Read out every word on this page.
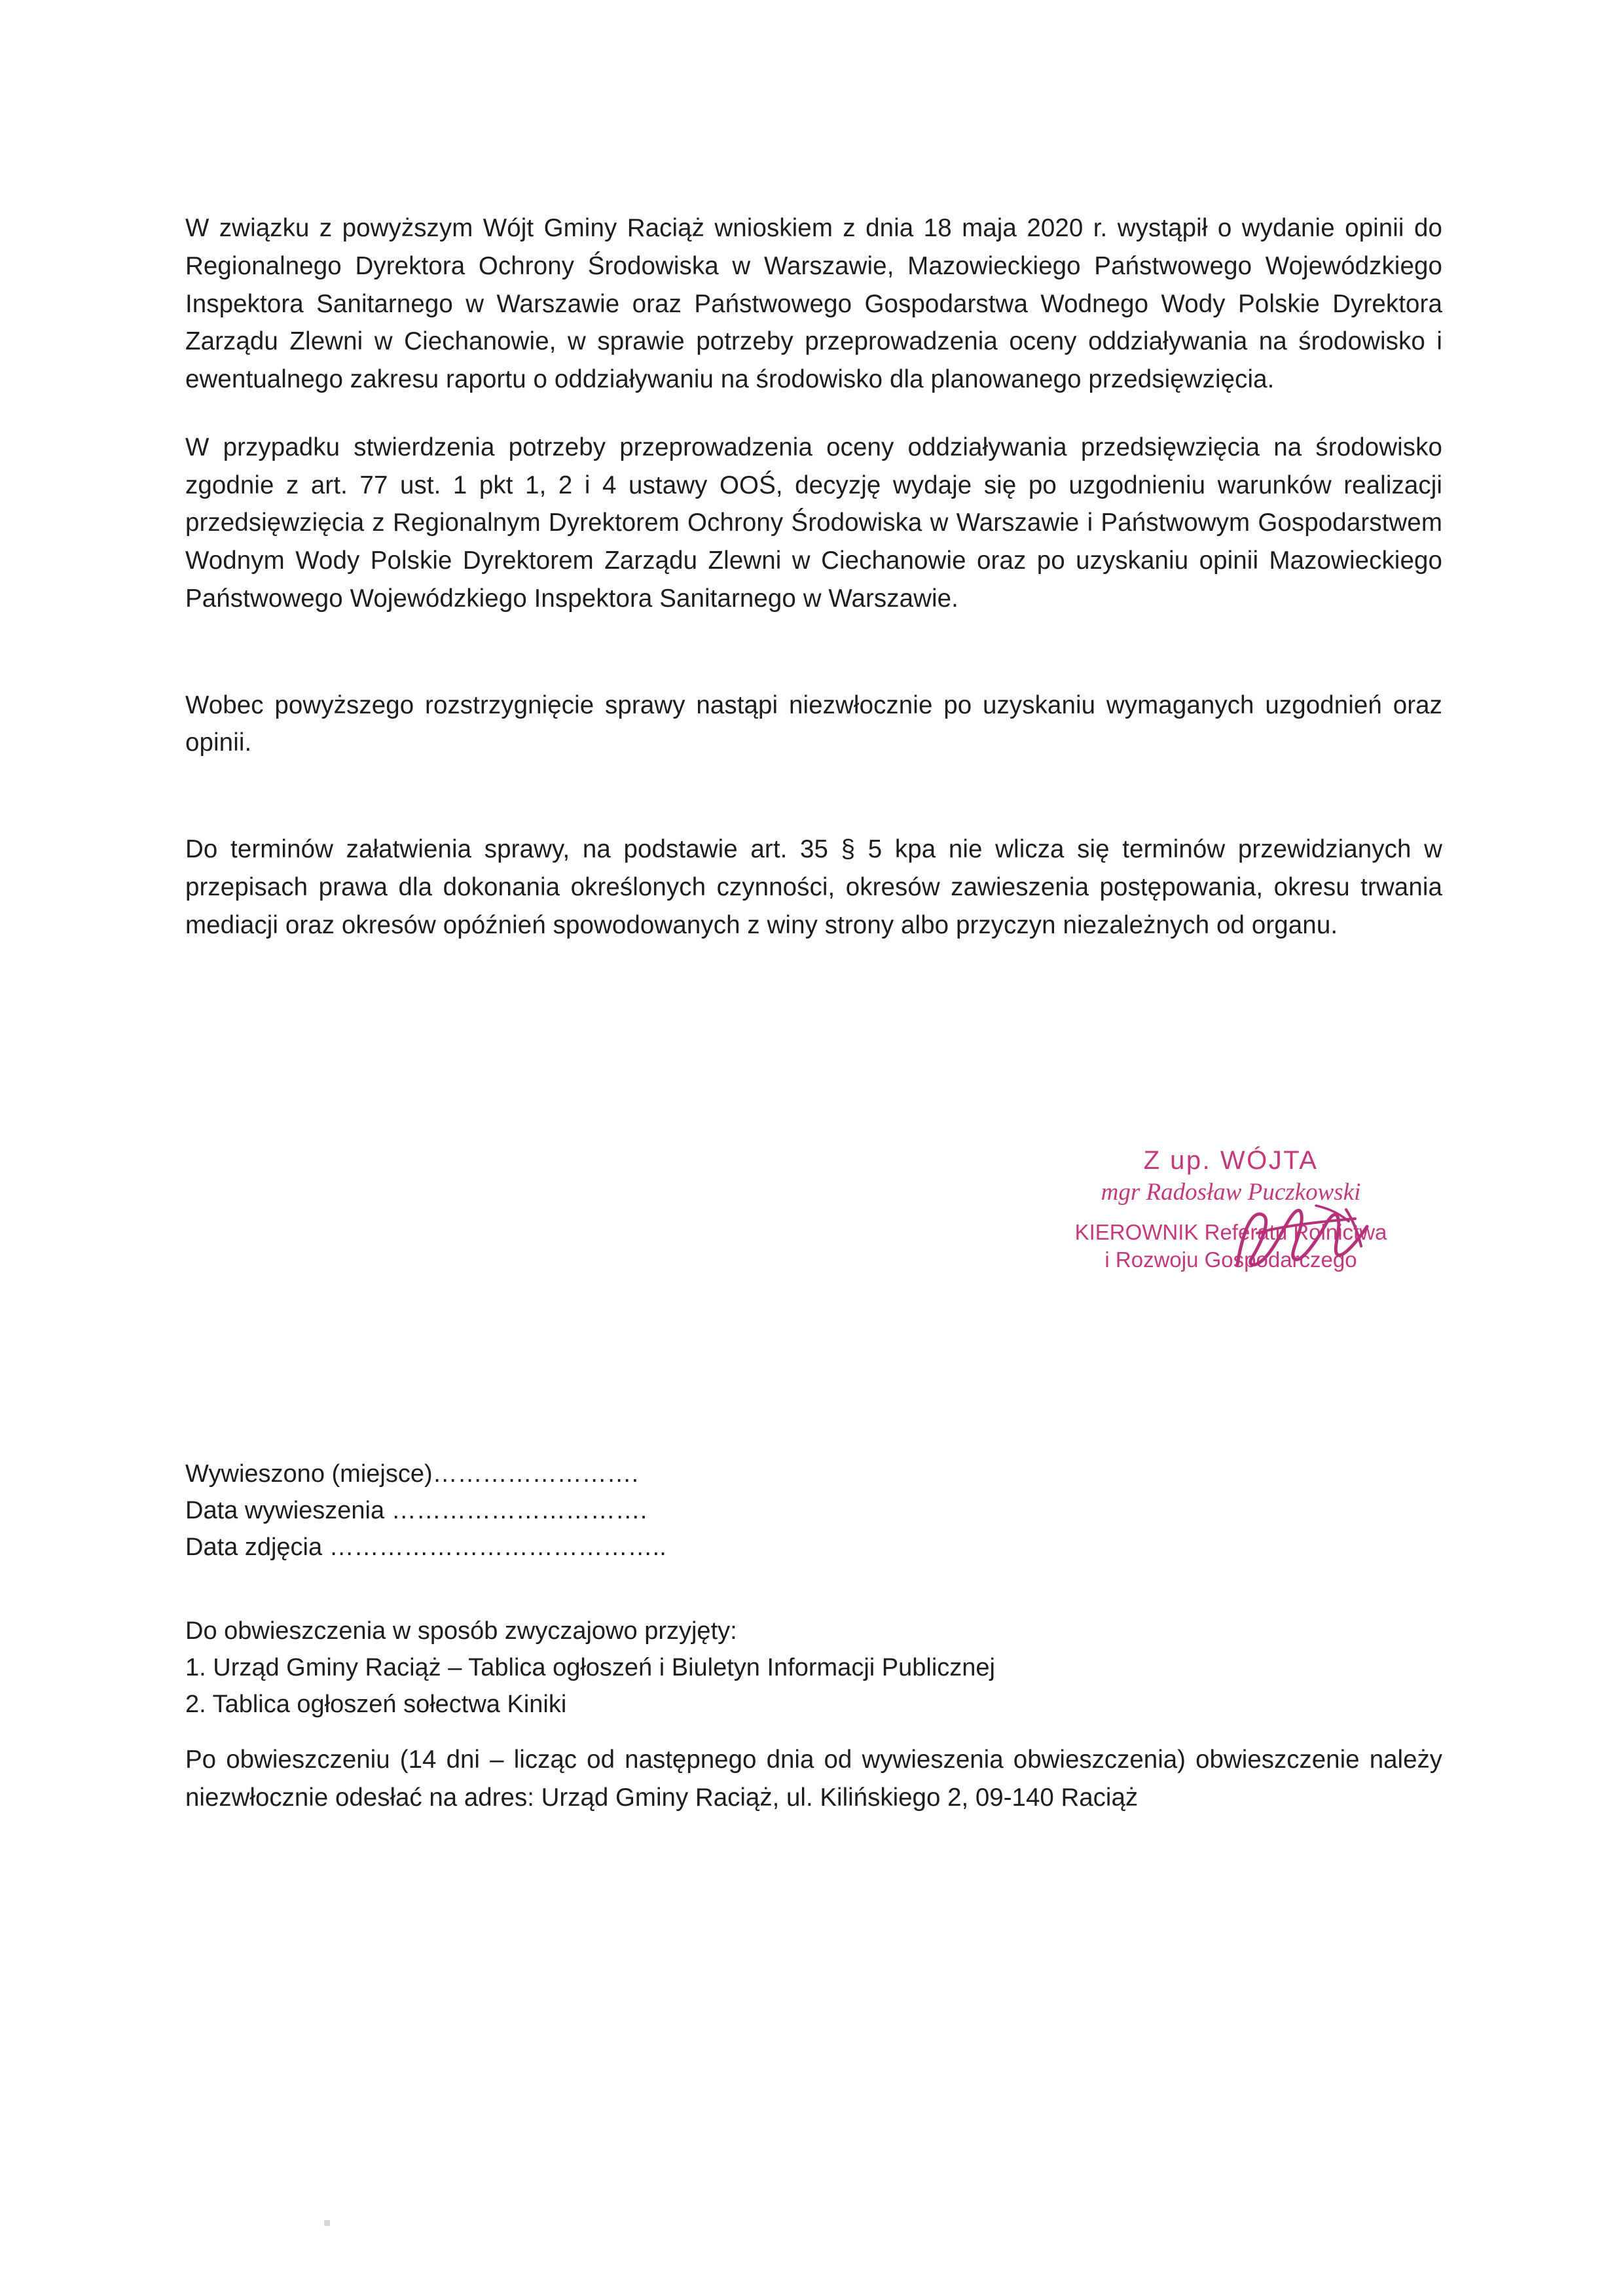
W związku z powyższym Wójt Gminy Raciąż wnioskiem z dnia 18 maja 2020 r. wystąpił o wydanie opinii do Regionalnego Dyrektora Ochrony Środowiska w Warszawie, Mazowieckiego Państwowego Wojewódzkiego Inspektora Sanitarnego w Warszawie oraz Państwowego Gospodarstwa Wodnego Wody Polskie Dyrektora Zarządu Zlewni w Ciechanowie, w sprawie potrzeby przeprowadzenia oceny oddziaływania na środowisko i ewentualnego zakresu raportu o oddziaływaniu na środowisko dla planowanego przedsięwzięcia.

W przypadku stwierdzenia potrzeby przeprowadzenia oceny oddziaływania przedsięwzięcia na środowisko zgodnie z art. 77 ust. 1 pkt 1, 2 i 4 ustawy OOŚ, decyzję wydaje się po uzgodnieniu warunków realizacji przedsięwzięcia z Regionalnym Dyrektorem Ochrony Środowiska w Warszawie i Państwowym Gospodarstwem Wodnym Wody Polskie Dyrektorem Zarządu Zlewni w Ciechanowie oraz po uzyskaniu opinii Mazowieckiego Państwowego Wojewódzkiego Inspektora Sanitarnego w Warszawie.

Wobec powyższego rozstrzygnięcie sprawy nastąpi niezwłocznie po uzyskaniu wymaganych uzgodnień oraz opinii.

Do terminów załatwienia sprawy, na podstawie art. 35 § 5 kpa nie wlicza się terminów przewidzianych w przepisach prawa dla dokonania określonych czynności, okresów zawieszenia postępowania, okresu trwania mediacji oraz okresów opóźnień spowodowanych z winy strony albo przyczyn niezależnych od organu.

Z up. WÓJTA
mgr Radosław Puczkowski
KIEROWNIK Referatu Rolnictwa
i Rozwoju Gospodarczego
Wywieszono (miejsce)…………………….
Data wywieszenia ………………………….
Data zdjęcia …………………………………..
Do obwieszczenia w sposób zwyczajowo przyjęty:
1. Urząd Gminy Raciąż – Tablica ogłoszeń i Biuletyn Informacji Publicznej
2. Tablica ogłoszeń sołectwa Kiniki

Po obwieszczeniu (14 dni – licząc od następnego dnia od wywieszenia obwieszczenia) obwieszczenie należy niezwłocznie odesłać na adres: Urząd Gminy Raciąż, ul. Kilińskiego 2, 09-140 Raciąż
